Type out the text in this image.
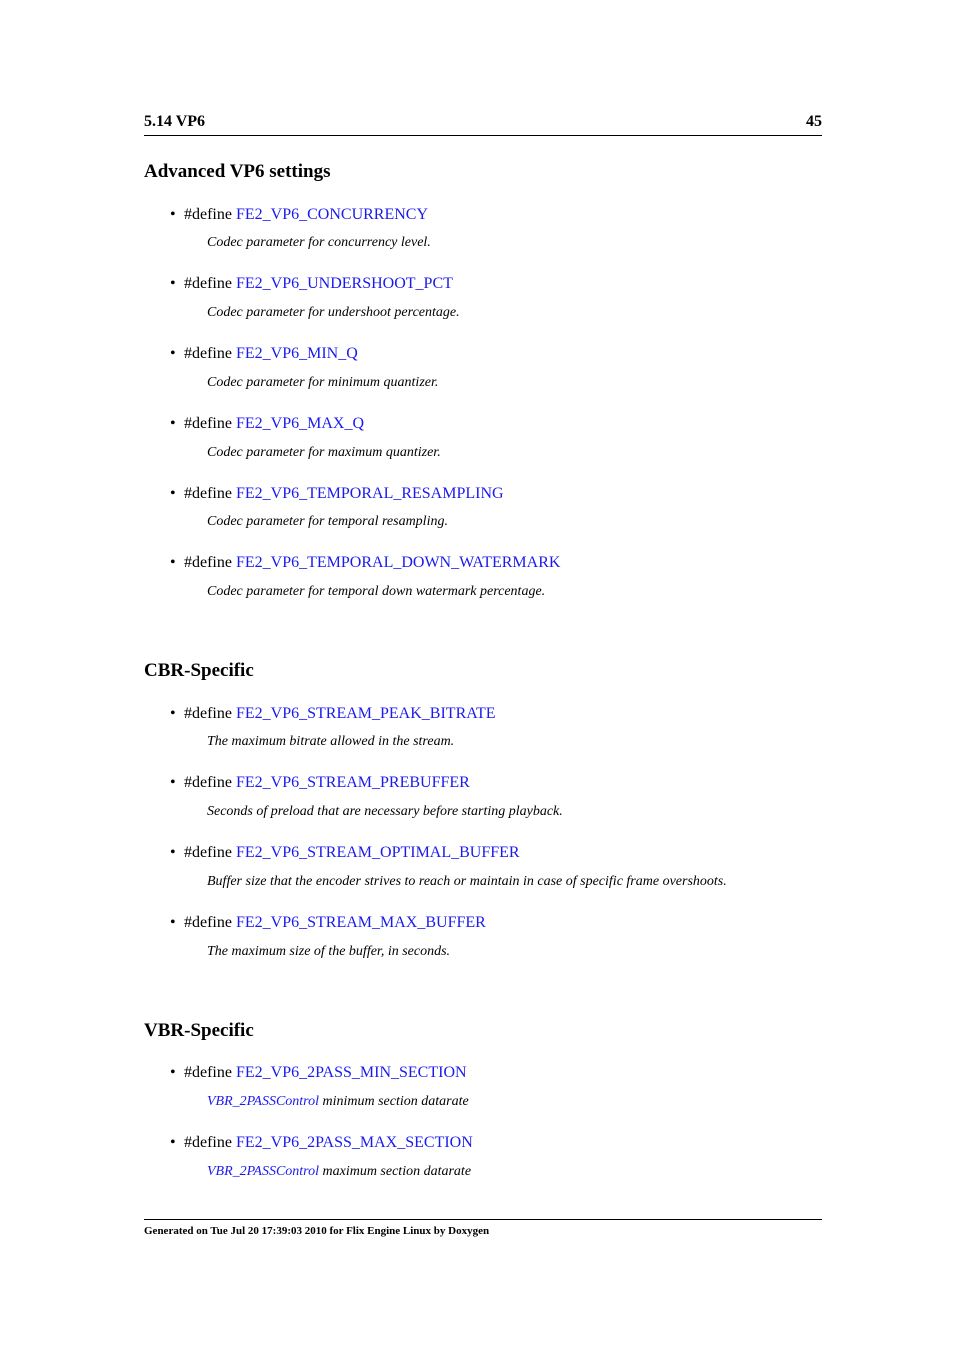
5.14 VP6	45
Advanced VP6 settings
• #define FE2_VP6_CONCURRENCY
Codec parameter for concurrency level.
• #define FE2_VP6_UNDERSHOOT_PCT
Codec parameter for undershoot percentage.
• #define FE2_VP6_MIN_Q
Codec parameter for minimum quantizer.
• #define FE2_VP6_MAX_Q
Codec parameter for maximum quantizer.
• #define FE2_VP6_TEMPORAL_RESAMPLING
Codec parameter for temporal resampling.
• #define FE2_VP6_TEMPORAL_DOWN_WATERMARK
Codec parameter for temporal down watermark percentage.
CBR-Specific
• #define FE2_VP6_STREAM_PEAK_BITRATE
The maximum bitrate allowed in the stream.
• #define FE2_VP6_STREAM_PREBUFFER
Seconds of preload that are necessary before starting playback.
• #define FE2_VP6_STREAM_OPTIMAL_BUFFER
Buffer size that the encoder strives to reach or maintain in case of specific frame overshoots.
• #define FE2_VP6_STREAM_MAX_BUFFER
The maximum size of the buffer, in seconds.
VBR-Specific
• #define FE2_VP6_2PASS_MIN_SECTION
VBR_2PASSControl minimum section datarate
• #define FE2_VP6_2PASS_MAX_SECTION
VBR_2PASSControl maximum section datarate
Generated on Tue Jul 20 17:39:03 2010 for Flix Engine Linux by Doxygen
